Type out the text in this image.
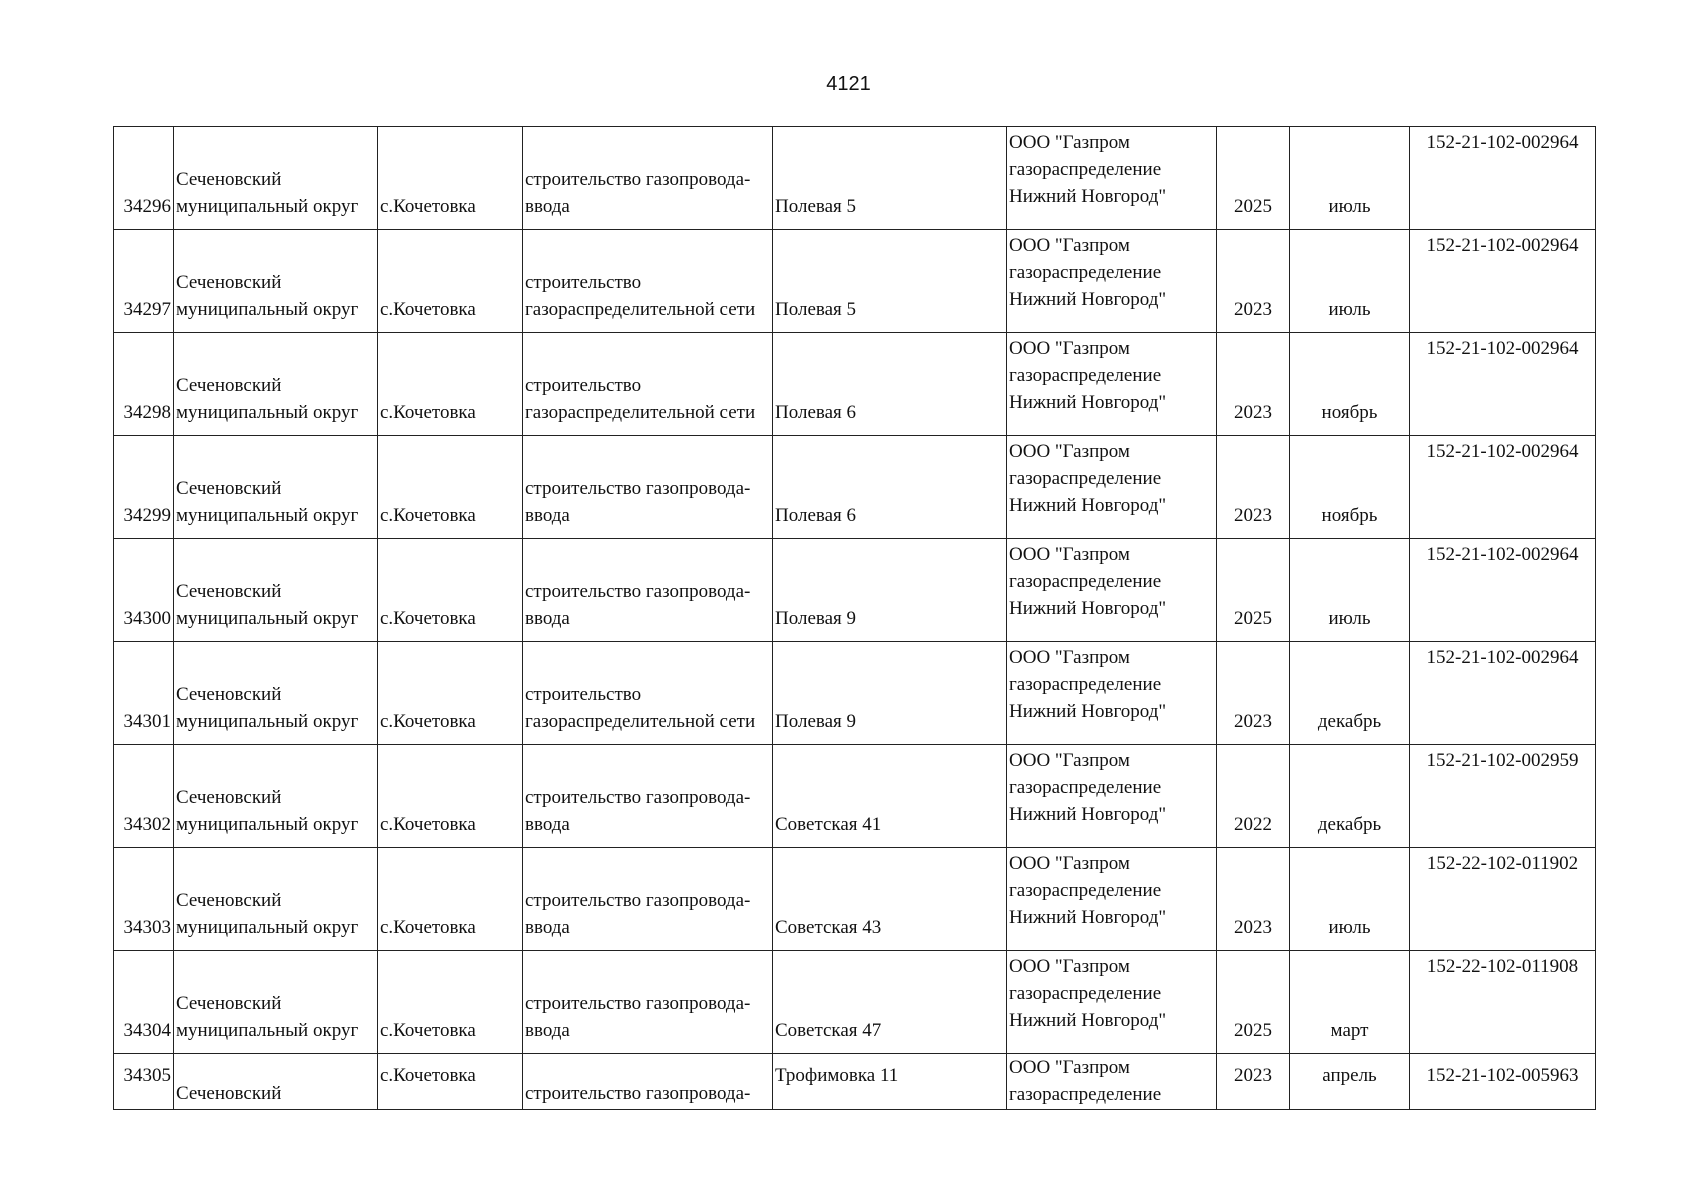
4121
34296	Сеченовский
муниципальный округ	с.Кочетовка	строительство газопровода-
ввода	Полевая 5	ООО "Газпром
газораспределение
Нижний Новгород"	2025	июль	152-21-102-002964

34297	Сеченовский
муниципальный округ	с.Кочетовка	строительство
газораспределительной сети	Полевая 5	ООО "Газпром
газораспределение
Нижний Новгород"	2023	июль	152-21-102-002964

34298	Сеченовский
муниципальный округ	с.Кочетовка	строительство
газораспределительной сети	Полевая 6	ООО "Газпром
газораспределение
Нижний Новгород"	2023	ноябрь	152-21-102-002964

34299	Сеченовский
муниципальный округ	с.Кочетовка	строительство газопровода-
ввода	Полевая 6	ООО "Газпром
газораспределение
Нижний Новгород"	2023	ноябрь	152-21-102-002964

34300	Сеченовский
муниципальный округ	с.Кочетовка	строительство газопровода-
ввода	Полевая 9	ООО "Газпром
газораспределение
Нижний Новгород"	2025	июль	152-21-102-002964

34301	Сеченовский
муниципальный округ	с.Кочетовка	строительство
газораспределительной сети	Полевая 9	ООО "Газпром
газораспределение
Нижний Новгород"	2023	декабрь	152-21-102-002964

34302	Сеченовский
муниципальный округ	с.Кочетовка	строительство газопровода-
ввода	Советская 41	ООО "Газпром
газораспределение
Нижний Новгород"	2022	декабрь	152-21-102-002959

34303	Сеченовский
муниципальный округ	с.Кочетовка	строительство газопровода-
ввода	Советская 43	ООО "Газпром
газораспределение
Нижний Новгород"	2023	июль	152-22-102-011902

34304	Сеченовский
муниципальный округ	с.Кочетовка	строительство газопровода-
ввода	Советская 47	ООО "Газпром
газораспределение
Нижний Новгород"	2025	март	152-22-102-011908

34305	Сеченовский	с.Кочетовка	строительство газопровода-	Трофимовка 11	ООО "Газпром
газораспределение	2023	апрель	152-21-102-005963
